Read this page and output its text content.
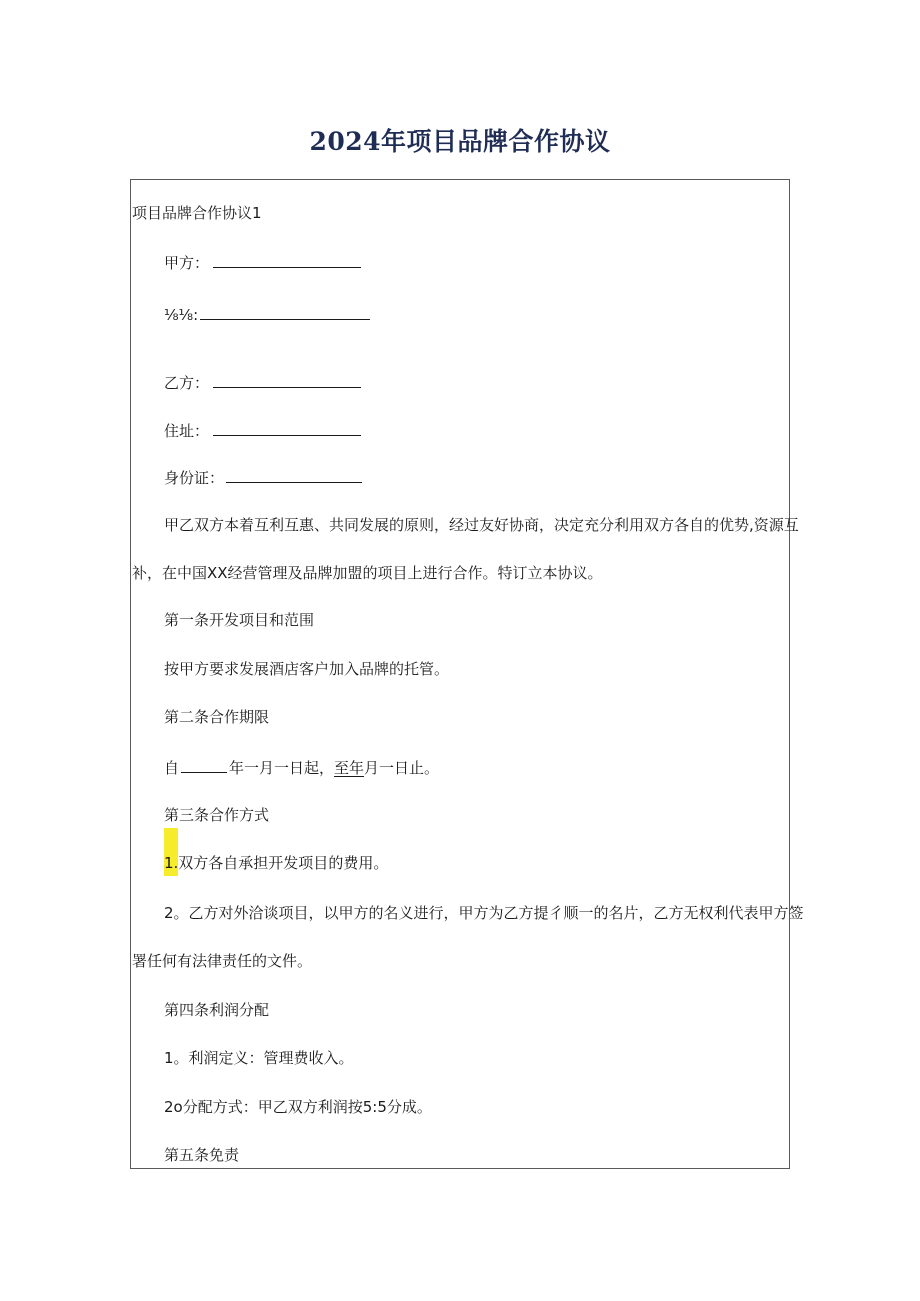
2024年项目品牌合作协议

项目品牌合作协议1

甲方：

⅛⅛:

乙方：

住址：

身份证：

甲乙双方本着互利互惠、共同发展的原则，经过友好协商，决定充分利用双方各自的优势,资源互

补，在中国XX经营管理及品牌加盟的项目上进行合作。特订立本协议。

第一条开发项目和范围

按甲方要求发展酒店客户加入品牌的托管。

第二条合作期限

自	年一月一日起，至年月一日止。

第三条合作方式

1.双方各自承担开发项目的费用。

2。乙方对外洽谈项目，以甲方的名义进行，甲方为乙方提彳顺一的名片，乙方无权利代表甲方签

署任何有法律责任的文件。

第四条利润分配

1。利润定义：管理费收入。

2o分配方式：甲乙双方利润按5:5分成。

第五条免责
